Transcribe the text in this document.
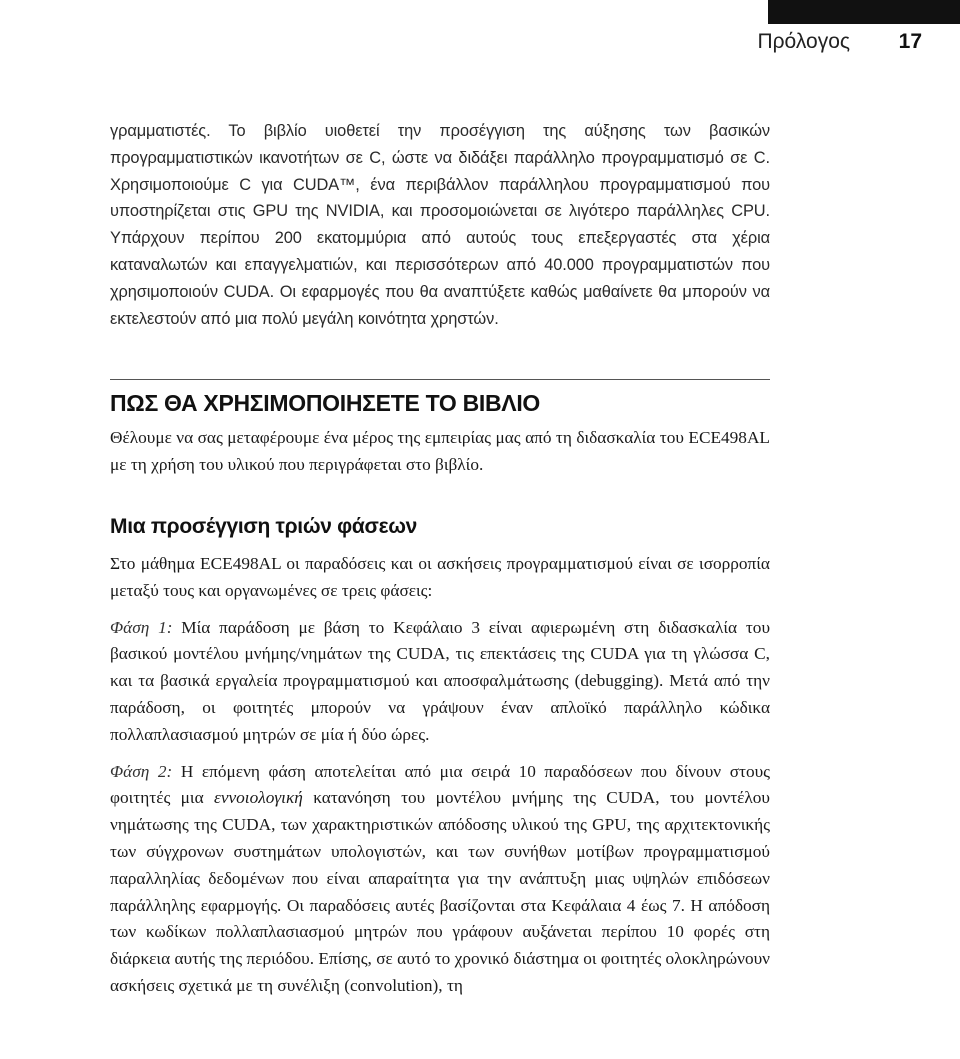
Πρόλογος 17

γραμματιστές. Το βιβλίο υιοθετεί την προσέγγιση της αύξησης των βασικών προγραμματιστικών ικανοτήτων σε C, ώστε να διδάξει παράλληλο προγραμματισμό σε C. Χρησιμοποιούμε C για CUDA™, ένα περιβάλλον παράλληλου προγραμματισμού που υποστηρίζεται στις GPU της NVIDIA, και προσομοιώνεται σε λιγότερο παράλληλες CPU. Υπάρχουν περίπου 200 εκατομμύρια από αυτούς τους επεξεργαστές στα χέρια καταναλωτών και επαγγελματιών, και περισσότερων από 40.000 προγραμματιστών που χρησιμοποιούν CUDA. Οι εφαρμογές που θα αναπτύξετε καθώς μαθαίνετε θα μπορούν να εκτελεστούν από μια πολύ μεγάλη κοινότητα χρηστών.

ΠΩΣ ΘΑ ΧΡΗΣΙΜΟΠΟΙΗΣΕΤΕ ΤΟ ΒΙΒΛΙΟ

Θέλουμε να σας μεταφέρουμε ένα μέρος της εμπειρίας μας από τη διδασκαλία του ECE498AL με τη χρήση του υλικού που περιγράφεται στο βιβλίο.

Μια προσέγγιση τριών φάσεων

Στο μάθημα ECE498AL οι παραδόσεις και οι ασκήσεις προγραμματισμού είναι σε ισορροπία μεταξύ τους και οργανωμένες σε τρεις φάσεις:

Φάση 1: Μία παράδοση με βάση το Κεφάλαιο 3 είναι αφιερωμένη στη διδασκαλία του βασικού μοντέλου μνήμης/νημάτων της CUDA, τις επεκτάσεις της CUDA για τη γλώσσα C, και τα βασικά εργαλεία προγραμματισμού και αποσφαλμάτωσης (debugging). Μετά από την παράδοση, οι φοιτητές μπορούν να γράψουν έναν απλοϊκό παράλληλο κώδικα πολλαπλασιασμού μητρών σε μία ή δύο ώρες.

Φάση 2: Η επόμενη φάση αποτελείται από μια σειρά 10 παραδόσεων που δίνουν στους φοιτητές μια εννοιολογική κατανόηση του μοντέλου μνήμης της CUDA, του μοντέλου νημάτωσης της CUDA, των χαρακτηριστικών απόδοσης υλικού της GPU, της αρχιτεκτονικής των σύγχρονων συστημάτων υπολογιστών, και των συνήθων μοτίβων προγραμματισμού παραλληλίας δεδομένων που είναι απαραίτητα για την ανάπτυξη μιας υψηλών επιδόσεων παράλληλης εφαρμογής. Οι παραδόσεις αυτές βασίζονται στα Κεφάλαια 4 έως 7. Η απόδοση των κωδίκων πολλαπλασιασμού μητρών που γράφουν αυξάνεται περίπου 10 φορές στη διάρκεια αυτής της περιόδου. Επίσης, σε αυτό το χρονικό διάστημα οι φοιτητές ολοκληρώνουν ασκήσεις σχετικά με τη συνέλιξη (convolution), τη
